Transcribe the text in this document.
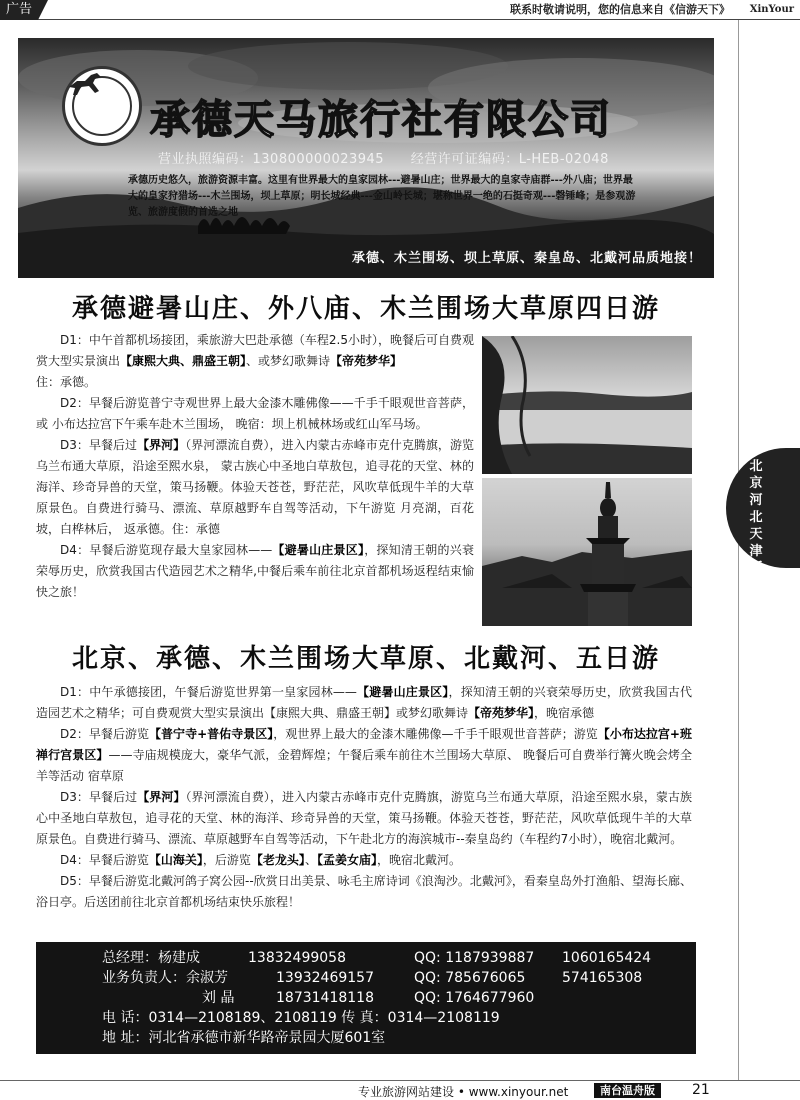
广告	联系时敬请说明，您的信息来自《信游天下》 XinYour
北
京
河
北
天
津
版
承德天马旅行社有限公司
营业执照编码：130800000023945 经营许可证编码：L-HEB-02048
承德历史悠久，旅游资源丰富。这里有世界最大的皇家园林---避暑山庄；世界最大的皇家寺庙群---外八庙；世界最大的皇家狩猎场---木兰围场，坝上草原；明长城经典---金山岭长城；堪称世界一绝的石挺奇观---磬锤峰；是参观游览、旅游度假的首选之地
承德、木兰围场、坝上草原、秦皇岛、北戴河品质地接！
承德避暑山庄、外八庙、木兰围场大草原四日游

D1：中午首都机场接团，乘旅游大巴赴承德（车程2.5小时），晚餐后可自费观赏大型实景演出【康熙大典、鼎盛王朝】、或梦幻歌舞诗【帝苑梦华】
住：承德。

D2：早餐后游览普宁寺观世界上最大金漆木雕佛像——千手千眼观世音菩萨，或 小布达拉宫下午乘车赴木兰围场， 晚宿：坝上机械林场或红山军马场。

D3：早餐后过【界河】（界河漂流自费），进入内蒙古赤峰市克什克腾旗，游览乌兰布通大草原，沿途至熙水泉， 蒙古族心中圣地白草敖包，追寻花的天堂、林的海洋、珍奇异兽的天堂，策马扬鞭。体验天苍苍，野茫茫，风吹草低现牛羊的大草原景色。自费进行骑马、漂流、草原越野车自驾等活动，下午游览 月亮湖，百花坡，白桦林后， 返承德。住：承德

D4：早餐后游览现存最大皇家园林——【避暑山庄景区】，探知清王朝的兴衰荣辱历史，欣赏我国古代造园艺术之精华,中餐后乘车前往北京首都机场返程结束愉快之旅！

北京、承德、木兰围场大草原、北戴河、五日游

D1：中午承德接团，午餐后游览世界第一皇家园林——【避暑山庄景区】，探知清王朝的兴衰荣辱历史，欣赏我国古代造园艺术之精华；可自费观赏大型实景演出【康熙大典、鼎盛王朝】或梦幻歌舞诗【帝苑梦华】，晚宿承德

D2：早餐后游览【普宁寺+普佑寺景区】，观世界上最大的金漆木雕佛像—千手千眼观世音菩萨；游览【小布达拉宫+班禅行宫景区】——寺庙规模庞大，豪华气派，金碧辉煌；午餐后乘车前往木兰围场大草原、 晚餐后可自费举行篝火晚会烤全羊等活动 宿草原

D3：早餐后过【界河】（界河漂流自费），进入内蒙古赤峰市克什克腾旗，游览乌兰布通大草原，沿途至熙水泉，蒙古族心中圣地白草敖包，追寻花的天堂、林的海洋、珍奇异兽的天堂，策马扬鞭。体验天苍苍，野茫茫，风吹草低现牛羊的大草原景色。自费进行骑马、漂流、草原越野车自驾等活动，下午赴北方的海滨城市--秦皇岛约（车程约7小时），晚宿北戴河。

D4：早餐后游览【山海关】，后游览【老龙头】、【孟姜女庙】，晚宿北戴河。

D5：早餐后游览北戴河鸽子窝公园--欣赏日出美景、咏毛主席诗词《浪淘沙。北戴河》，看秦皇岛外打渔船、望海长廊、浴日亭。后送团前往北京首都机场结束快乐旅程！

总经理：杨建成	13832499058	QQ: 1187939887 1060165424
业务负责人：余淑芳	13932469157	QQ: 785676065	574165308
刘 晶	18731418118	QQ: 1764677960
电 话：0314—2108189、2108119 传 真：0314—2108119
地 址：河北省承德市新华路帝景园大厦601室
专业旅游网站建设 • www.xinyour.net	南台温舟版	21
